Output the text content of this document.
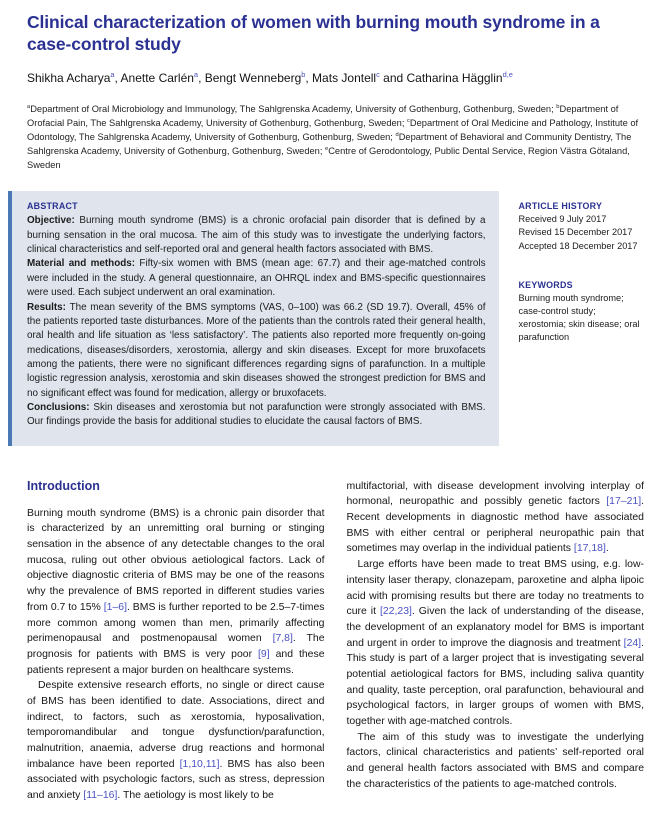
Clinical characterization of women with burning mouth syndrome in a case-control study
Shikha Acharya$^a$, Anette Carlén$^a$, Bengt Wenneberg$^b$, Mats Jontell$^c$ and Catharina Hägglin$^{d,e}$
$^a$Department of Oral Microbiology and Immunology, The Sahlgrenska Academy, University of Gothenburg, Gothenburg, Sweden; $^b$Department of Orofacial Pain, The Sahlgrenska Academy, University of Gothenburg, Gothenburg, Sweden; $^c$Department of Oral Medicine and Pathology, Institute of Odontology, The Sahlgrenska Academy, University of Gothenburg, Gothenburg, Sweden; $^d$Department of Behavioral and Community Dentistry, The Sahlgrenska Academy, University of Gothenburg, Gothenburg, Sweden; $^e$Centre of Gerodontology, Public Dental Service, Region Västra Götaland, Sweden
ABSTRACT

Objective: Burning mouth syndrome (BMS) is a chronic orofacial pain disorder that is defined by a burning sensation in the oral mucosa. The aim of this study was to investigate the underlying factors, clinical characteristics and self-reported oral and general health factors associated with BMS.

Material and methods: Fifty-six women with BMS (mean age: 67.7) and their age-matched controls were included in the study. A general questionnaire, an OHRQL index and BMS-specific questionnaires were used. Each subject underwent an oral examination.

Results: The mean severity of the BMS symptoms (VAS, 0–100) was 66.2 (SD 19.7). Overall, 45% of the patients reported taste disturbances. More of the patients than the controls rated their general health, oral health and life situation as ‘less satisfactory’. The patients also reported more frequently on-going medications, diseases/disorders, xerostomia, allergy and skin diseases. Except for more bruxofacets among the patients, there were no significant differences regarding signs of parafunction. In a multiple logistic regression analysis, xerostomia and skin diseases showed the strongest prediction for BMS and no significant effect was found for medication, allergy or bruxofacets.

Conclusions: Skin diseases and xerostomia but not parafunction were strongly associated with BMS. Our findings provide the basis for additional studies to elucidate the causal factors of BMS.

ARTICLE HISTORY
Received 9 July 2017
Revised 15 December 2017
Accepted 18 December 2017
KEYWORDS
Burning mouth syndrome; case-control study; xerostomia; skin disease; oral parafunction
Introduction

Burning mouth syndrome (BMS) is a chronic pain disorder that is characterized by an unremitting oral burning or stinging sensation in the absence of any detectable changes to the oral mucosa, ruling out other obvious aetiological factors. Lack of objective diagnostic criteria of BMS may be one of the reasons why the prevalence of BMS reported in different studies varies from 0.7 to 15% [1–6]. BMS is further reported to be 2.5–7-times more common among women than men, primarily affecting perimenopausal and postmenopausal women [7,8]. The prognosis for patients with BMS is very poor [9] and these patients represent a major burden on healthcare systems.

Despite extensive research efforts, no single or direct cause of BMS has been identified to date. Associations, direct and indirect, to factors, such as xerostomia, hyposalivation, temporomandibular and tongue dysfunction/parafunction, malnutrition, anaemia, adverse drug reactions and hormonal imbalance have been reported [1,10,11]. BMS has also been associated with psychologic factors, such as stress, depression and anxiety [11–16]. The aetiology is most likely to be

multifactorial, with disease development involving interplay of hormonal, neuropathic and possibly genetic factors [17–21]. Recent developments in diagnostic method have associated BMS with either central or peripheral neuropathic pain that sometimes may overlap in the individual patients [17,18].

Large efforts have been made to treat BMS using, e.g. low-intensity laser therapy, clonazepam, paroxetine and alpha lipoic acid with promising results but there are today no treatments to cure it [22,23]. Given the lack of understanding of the disease, the development of an explanatory model for BMS is important and urgent in order to improve the diagnosis and treatment [24]. This study is part of a larger project that is investigating several potential aetiological factors for BMS, including saliva quantity and quality, taste perception, oral parafunction, behavioural and psychological factors, in larger groups of women with BMS, together with age-matched controls.

The aim of this study was to investigate the underlying factors, clinical characteristics and patients’ self-reported oral and general health factors associated with BMS and compare the characteristics of the patients to age-matched controls.
